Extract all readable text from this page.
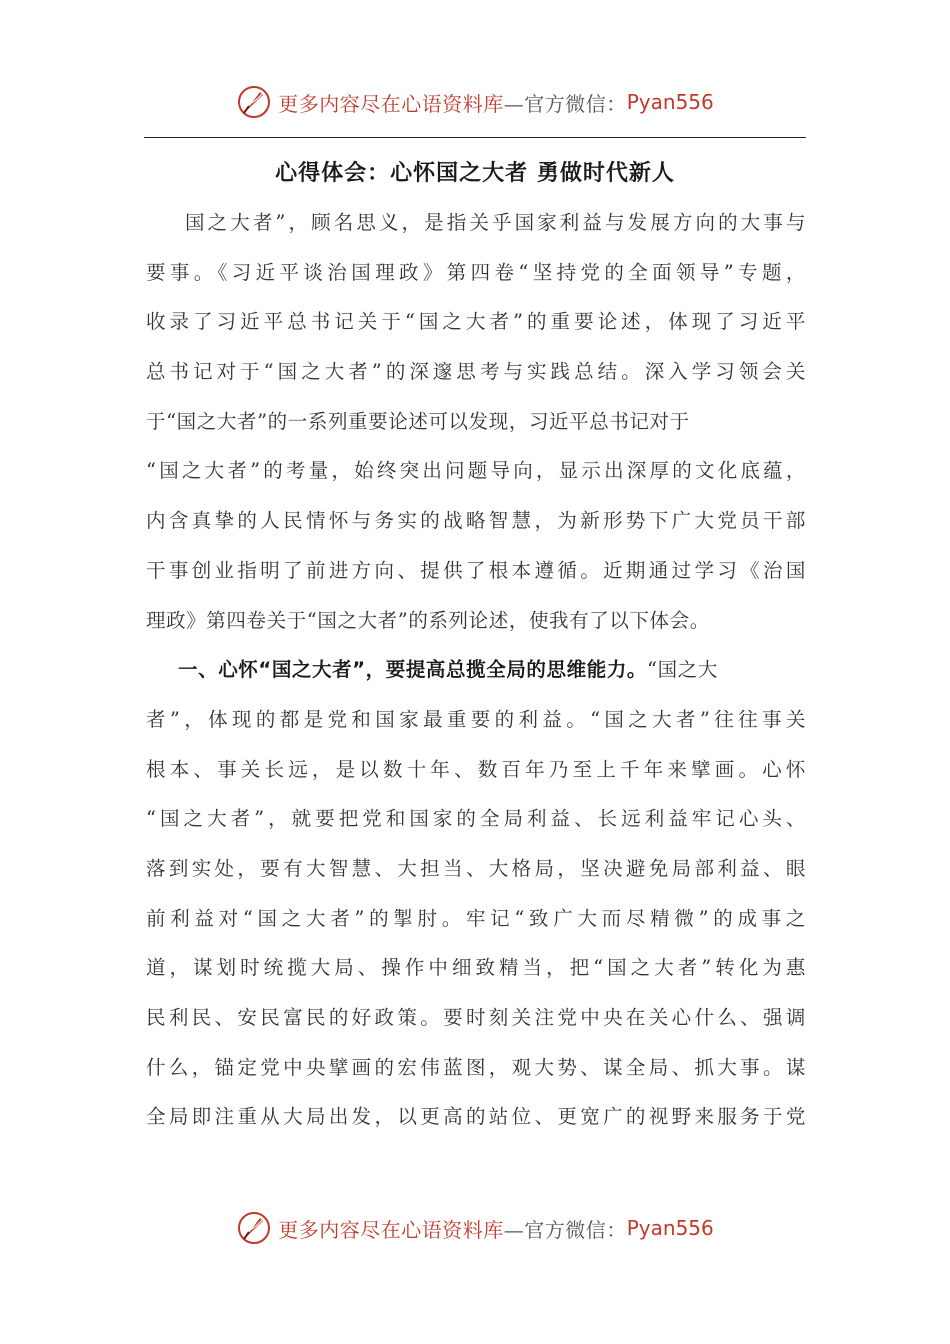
更多内容尽在心语资料库 —官方微信： Pyan556
心得体会：心怀国之大者 勇做时代新人
国之大者”，顾名思义，是指关乎国家利益与发展方向的大事与
要事。《习近平谈治国理政》第四卷“坚持党的全面领导”专题，
收录了习近平总书记关于“国之大者”的重要论述，体现了习近平
总书记对于“国之大者”的深邃思考与实践总结。深入学习领会关
于“国之大者”的一系列重要论述可以发现，习近平总书记对于
“国之大者”的考量，始终突出问题导向，显示出深厚的文化底蕴，
内含真挚的人民情怀与务实的战略智慧，为新形势下广大党员干部
干事创业指明了前进方向、提供了根本遵循。近期通过学习《治国
理政》第四卷关于“国之大者”的系列论述，使我有了以下体会。
一、心怀“国之大者”，要提高总揽全局的思维能力。“国之大
者”，体现的都是党和国家最重要的利益。“国之大者”往往事关
根本、事关长远，是以数十年、数百年乃至上千年来擘画。心怀
“国之大者”，就要把党和国家的全局利益、长远利益牢记心头、
落到实处，要有大智慧、大担当、大格局，坚决避免局部利益、眼
前利益对“国之大者”的掣肘。牢记“致广大而尽精微”的成事之
道，谋划时统揽大局、操作中细致精当，把“国之大者”转化为惠
民利民、安民富民的好政策。要时刻关注党中央在关心什么、强调
什么，锚定党中央擘画的宏伟蓝图，观大势、谋全局、抓大事。谋
全局即注重从大局出发，以更高的站位、更宽广的视野来服务于党
更多内容尽在心语资料库 —官方微信： Pyan556
